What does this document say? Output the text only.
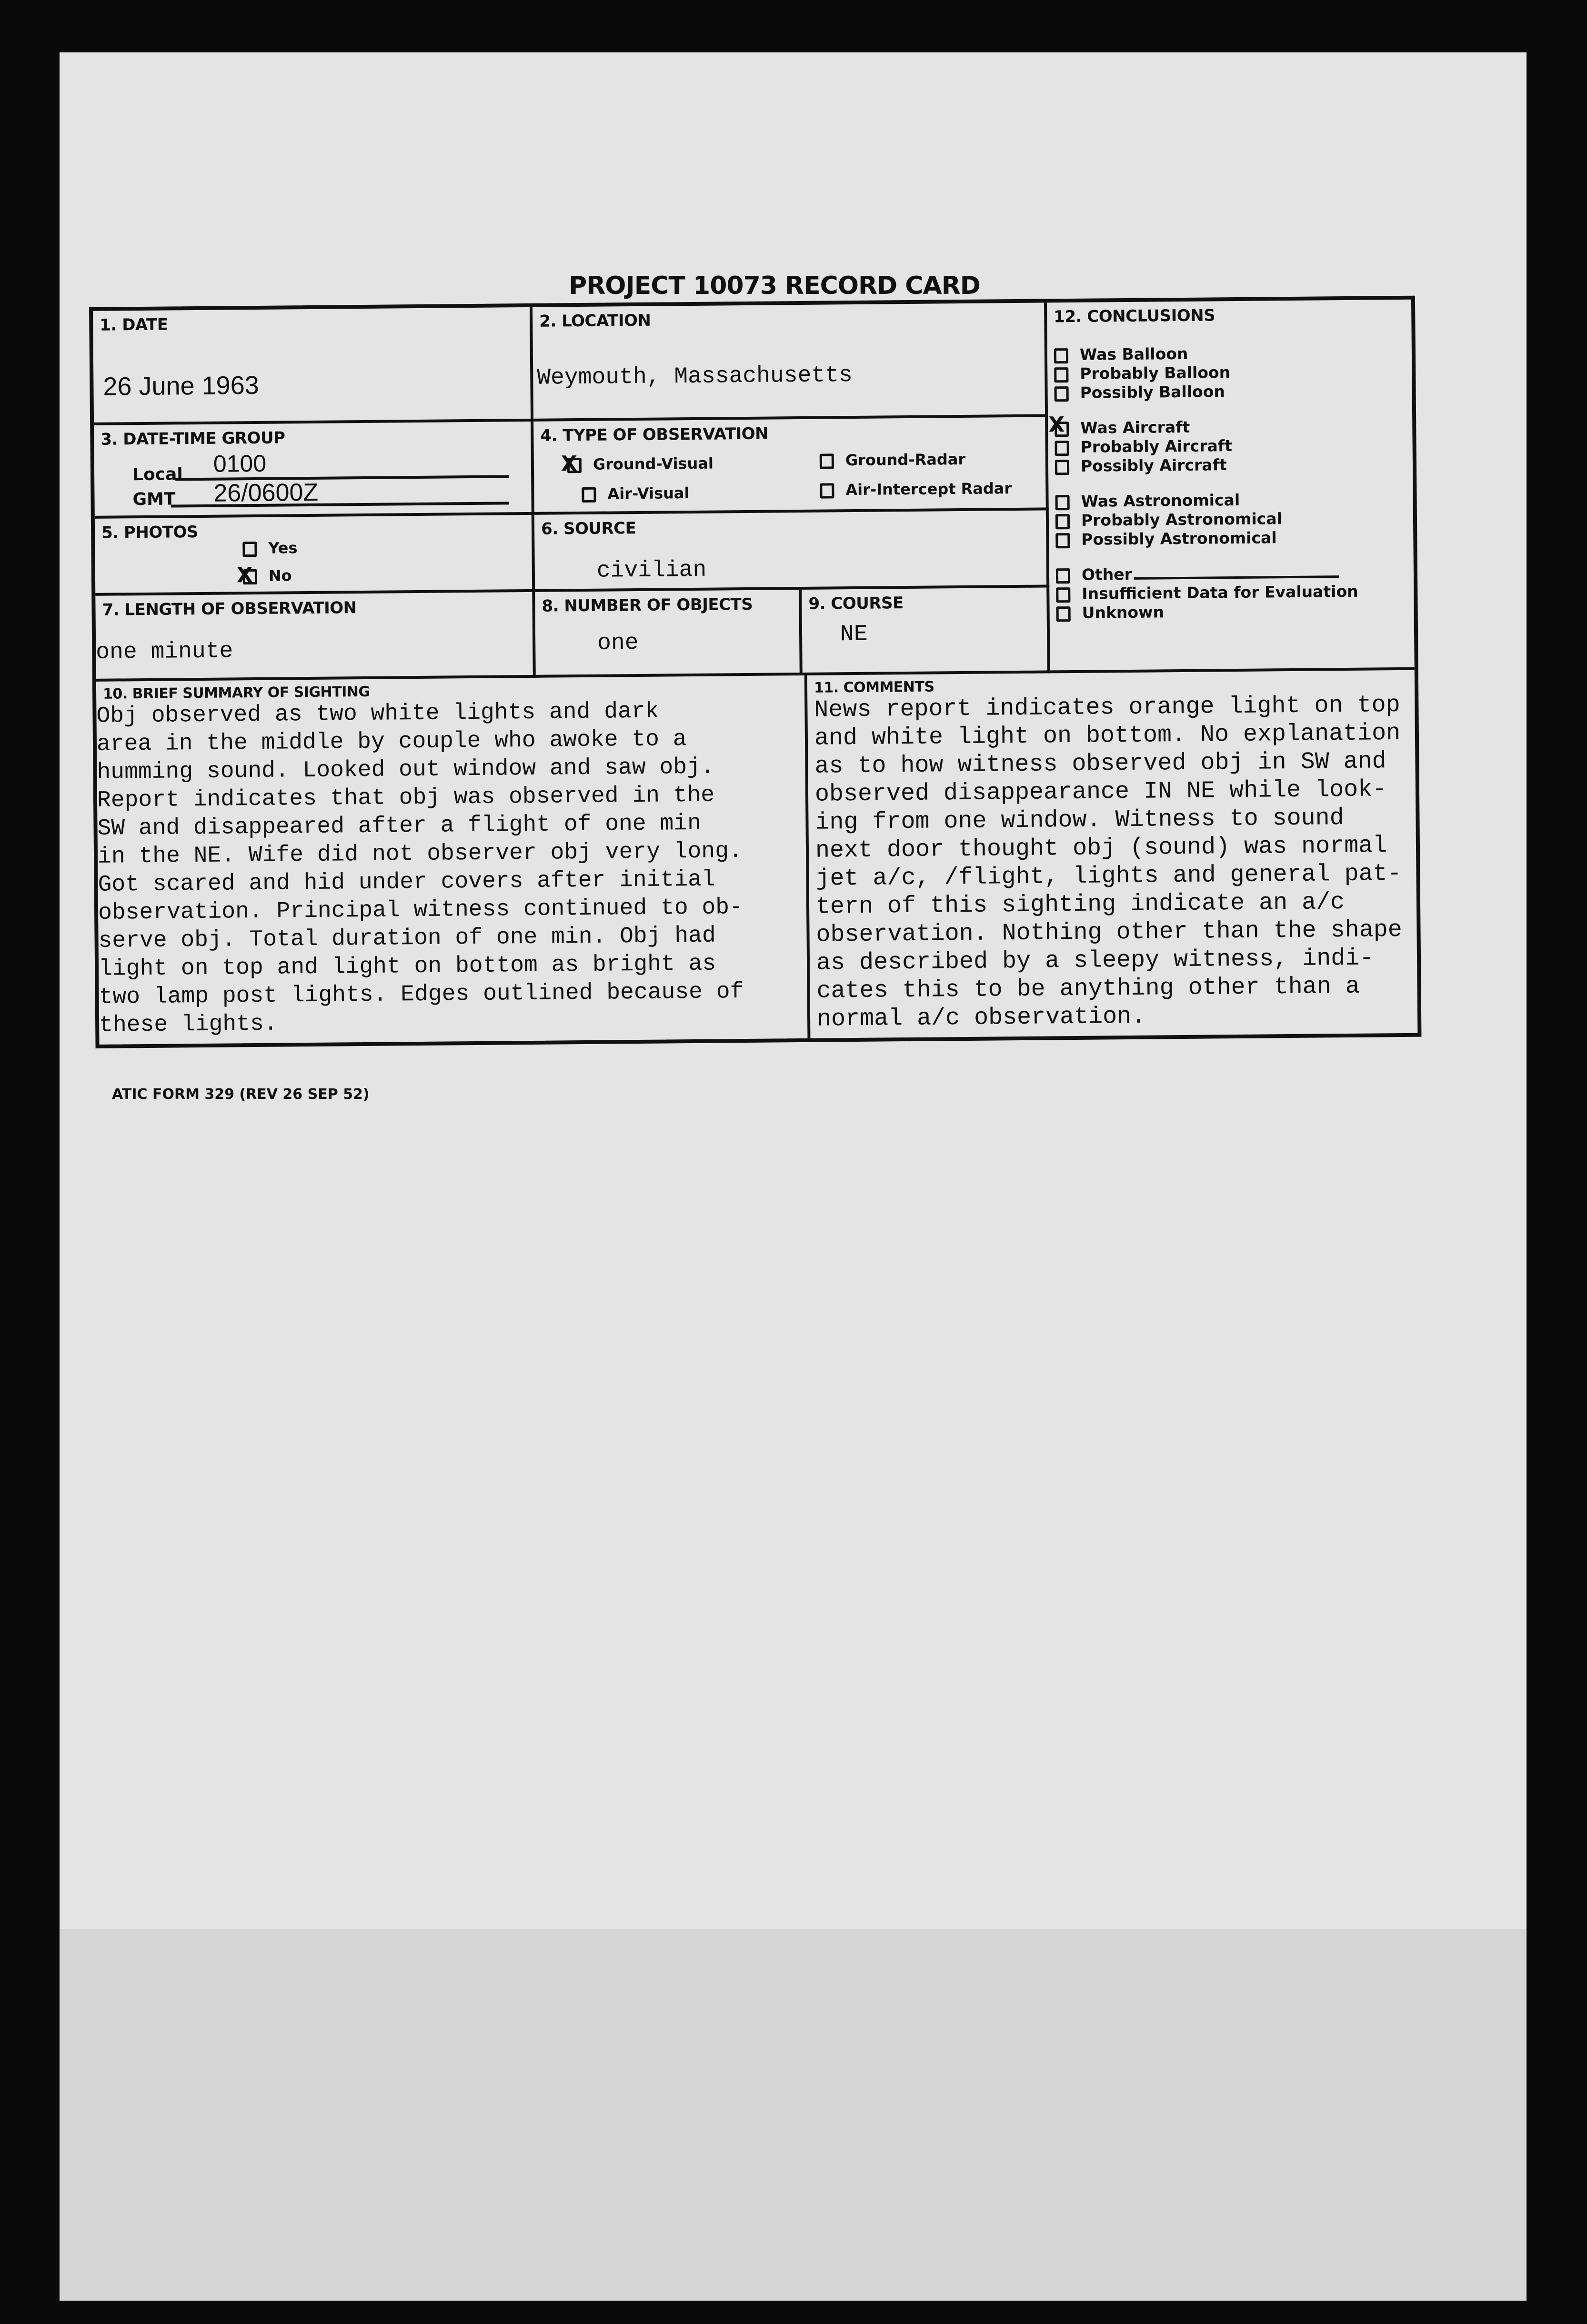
PROJECT 10073 RECORD CARD
1. DATE
26 June 1963
2. LOCATION
Weymouth, Massachusetts
3. DATE-TIME GROUP
Local 0100
GMT 26/0600Z
4. TYPE OF OBSERVATION
XGround-Visual	Ground-Radar
Air-Visual	Air-Intercept Radar
5. PHOTOS
Yes
XNo
6. SOURCE
civilian
7. LENGTH OF OBSERVATION
one minute
8. NUMBER OF OBJECTS
one
9. COURSE
NE
12. CONCLUSIONS
Was Balloon
Probably Balloon
Possibly Balloon
XWas Aircraft
Probably Aircraft
Possibly Aircraft
Was Astronomical
Probably Astronomical
Possibly Astronomical
Other
Insufficient Data for Evaluation
Unknown
10. BRIEF SUMMARY OF SIGHTING
Obj observed as two white lights and dark
area in the middle by couple who awoke to a
humming sound. Looked out window and saw obj.
Report indicates that obj was observed in the
SW and disappeared after a flight of one min
in the NE. Wife did not observer obj very long.
Got scared and hid under covers after initial
observation. Principal witness continued to ob-
serve obj. Total duration of one min. Obj had
light on top and light on bottom as bright as
two lamp post lights. Edges outlined because of
these lights.
11. COMMENTS
News report indicates orange light on top
and white light on bottom. No explanation
as to how witness observed obj in SW and
observed disappearance IN NE while look-
ing from one window. Witness to sound
next door thought obj (sound) was normal
jet a/c, /flight, lights and general pat-
tern of this sighting indicate an a/c
observation. Nothing other than the shape
as described by a sleepy witness, indi-
cates this to be anything other than a
normal a/c observation.
ATIC FORM 329 (REV 26 SEP 52)
